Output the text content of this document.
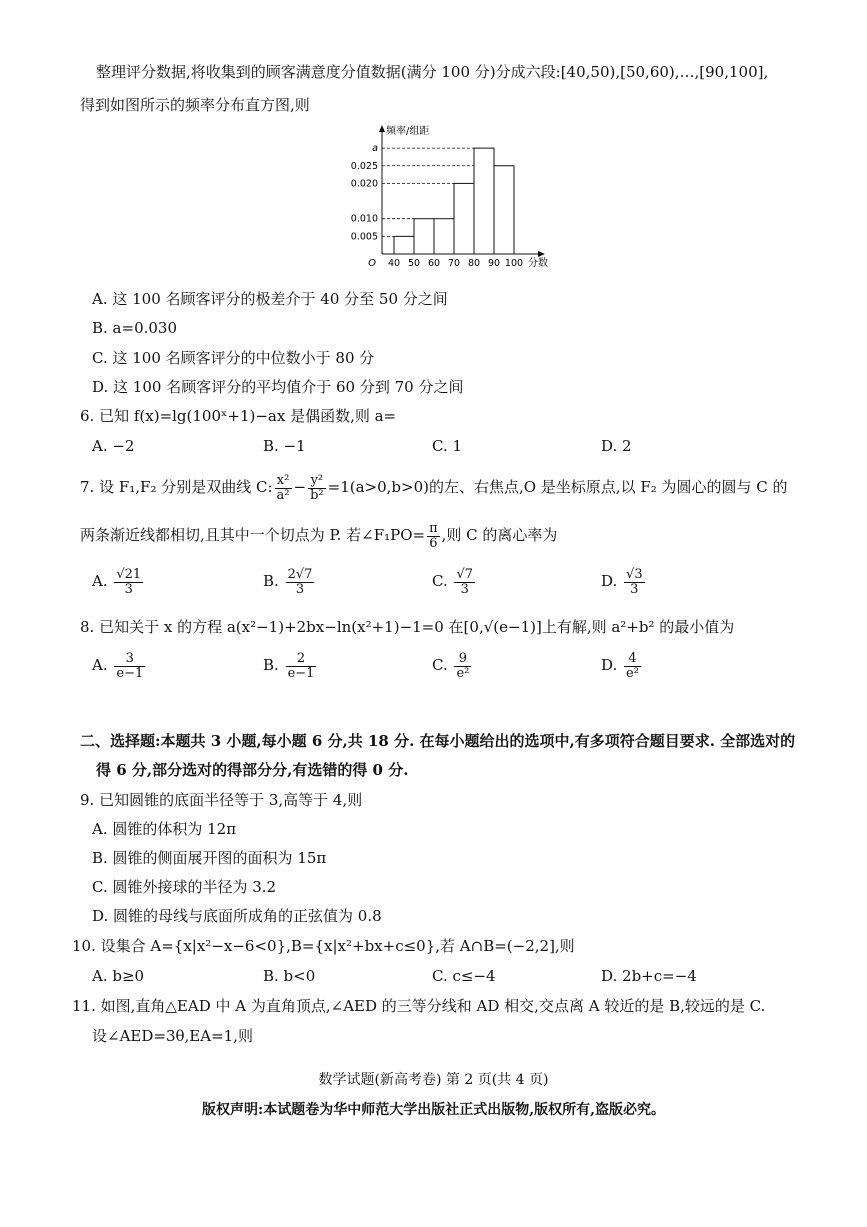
整理评分数据,将收集到的顾客满意度分值数据(满分 100 分)分成六段:[40,50),[50,60),…,[90,100],
得到如图所示的频率分布直方图,则
0.005
0.010
0.020
0.025
a
40 50 60 70 80 90 100
O	分数
频率/组距
A. 这 100 名顾客评分的极差介于 40 分至 50 分之间
B. a=0.030
C. 这 100 名顾客评分的中位数小于 80 分
D. 这 100 名顾客评分的平均值介于 60 分到 70 分之间
6. 已知 f(x)=lg(100ˣ+1)−ax 是偶函数,则 a=
A. −2	B. −1	C. 1	D. 2
7. 设 F₁,F₂ 分别是双曲线 C: $\frac{\text{x²}}{\text{a²}} - \frac{\text{y²}}{\text{b²}} =1(a>0,b>0)$的左、右焦点,O 是坐标原点,以 F₂ 为圆心的圆与 C 的
两条渐近线都相切,且其中一个切点为 P. 若∠F₁PO= $\frac{\pi}{6}$ ,则 C 的离心率为
A. $\frac{√21}{3}$	B. $\frac{2√7}{3}$	C. $\frac{√7}{3}$	D. $\frac{√3}{3}$
8. 已知关于 x 的方程 a(x²−1)+2bx−ln(x²+1)−1=0 在[0,√(e−1)]上有解,则 a²+b² 的最小值为
A. $\frac{3}{e-1}$	B. $\frac{2}{e-1}$	C. $\frac{9}{\text{e²}}$	D. $\frac{4}{\text{e²}}$
二、选择题:本题共 3 小题,每小题 6 分,共 18 分. 在每小题给出的选项中,有多项符合题目要求. 全部选对的
得 6 分,部分选对的得部分分,有选错的得 0 分.
9. 已知圆锥的底面半径等于 3,高等于 4,则
A. 圆锥的体积为 12π
B. 圆锥的侧面展开图的面积为 15π
C. 圆锥外接球的半径为 3.2
D. 圆锥的母线与底面所成角的正弦值为 0.8
10. 设集合 A={x|x²−x−6<0},B={x|x²+bx+c≤0},若 A∩B=(−2,2],则
A. b≥0	B. b<0	C. c≤−4	D. 2b+c=−4
11. 如图,直角△EAD 中 A 为直角顶点,∠AED 的三等分线和 AD 相交,交点离 A 较近的是 B,较远的是 C.
设∠AED=3θ,EA=1,则
数学试题(新高考卷) 第 2 页(共 4 页)
版权声明:本试题卷为华中师范大学出版社正式出版物,版权所有,盗版必究。
